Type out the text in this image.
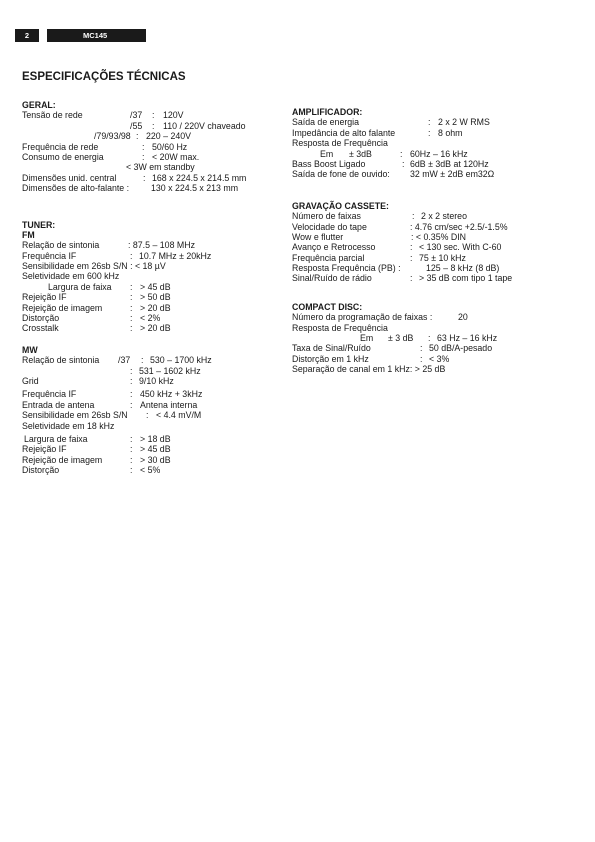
2	MC145
ESPECIFICAÇÕES TÉCNICAS
GERAL:
Tensão de rede	/37 : 120V
/55 : 110 / 220V chaveado
/79/93/98 : 220 – 240V
Frequência de rede	: 50/60 Hz
Consumo de energia	: < 20W max.
< 3W em standby
Dimensões unid. central	: 168 x 224.5 x 214.5 mm
Dimensões de alto-falante : 130 x 224.5 x 213 mm
TUNER:
FM
Relação de sintonia	: 87.5 – 108 MHz
Frequência IF	: 10.7 MHz ± 20kHz
Sensibilidade em 26sb S/N : < 18 µV
Seletividade em 600 kHz
Largura de faixa : > 45 dB
Rejeição IF	: > 50 dB
Rejeição de imagem	: > 20 dB
Distorção	: < 2%
Crosstalk	: > 20 dB
MW
Relação de sintonia /37 : 530 – 1700 kHz
: 531 – 1602 kHz
Grid	: 9/10 kHz
Frequência IF	: 450 kHz + 3kHz
Entrada de antena	: Antena interna
Sensibilidade em 26sb S/N : < 4.4 mV/M
Seletividade em 18 kHz
Largura de faixa	: > 18 dB
Rejeição IF	: > 45 dB
Rejeição de imagem	: > 30 dB
Distorção	: < 5%
AMPLIFICADOR:
Saída de energia	: 2 x 2 W RMS
Impedância de alto falante	: 8 ohm
Resposta de Frequência
Em ± 3dB	: 60Hz – 16 kHz
Bass Boost Ligado	: 6dB ± 3dB at 120Hz
Saída de fone de ouvido: 32 mW ± 2dB em32Ω
GRAVAÇÃO CASSETE:
Número de faixas	: 2 x 2 stereo
Velocidade do tape	: 4.76 cm/sec +2.5/-1.5%
Wow e flutter	: < 0.35% DIN
Avanço e Retrocesso	: < 130 sec. With C-60
Frequência parcial	: 75 ± 10 kHz
Resposta Frequência (PB) :	125 – 8 kHz (8 dB)
Sinal/Ruído de rádio	: > 35 dB com tipo 1 tape
COMPACT DISC:
Número da programação de faixas :	20
Resposta de Frequência
Em ± 3 dB : 63 Hz – 16 kHz
Taxa de Sinal/Ruído	: 50 dB/A-pesado
Distorção em 1 kHz	: < 3%
Separação de canal em 1 kHz: > 25 dB
